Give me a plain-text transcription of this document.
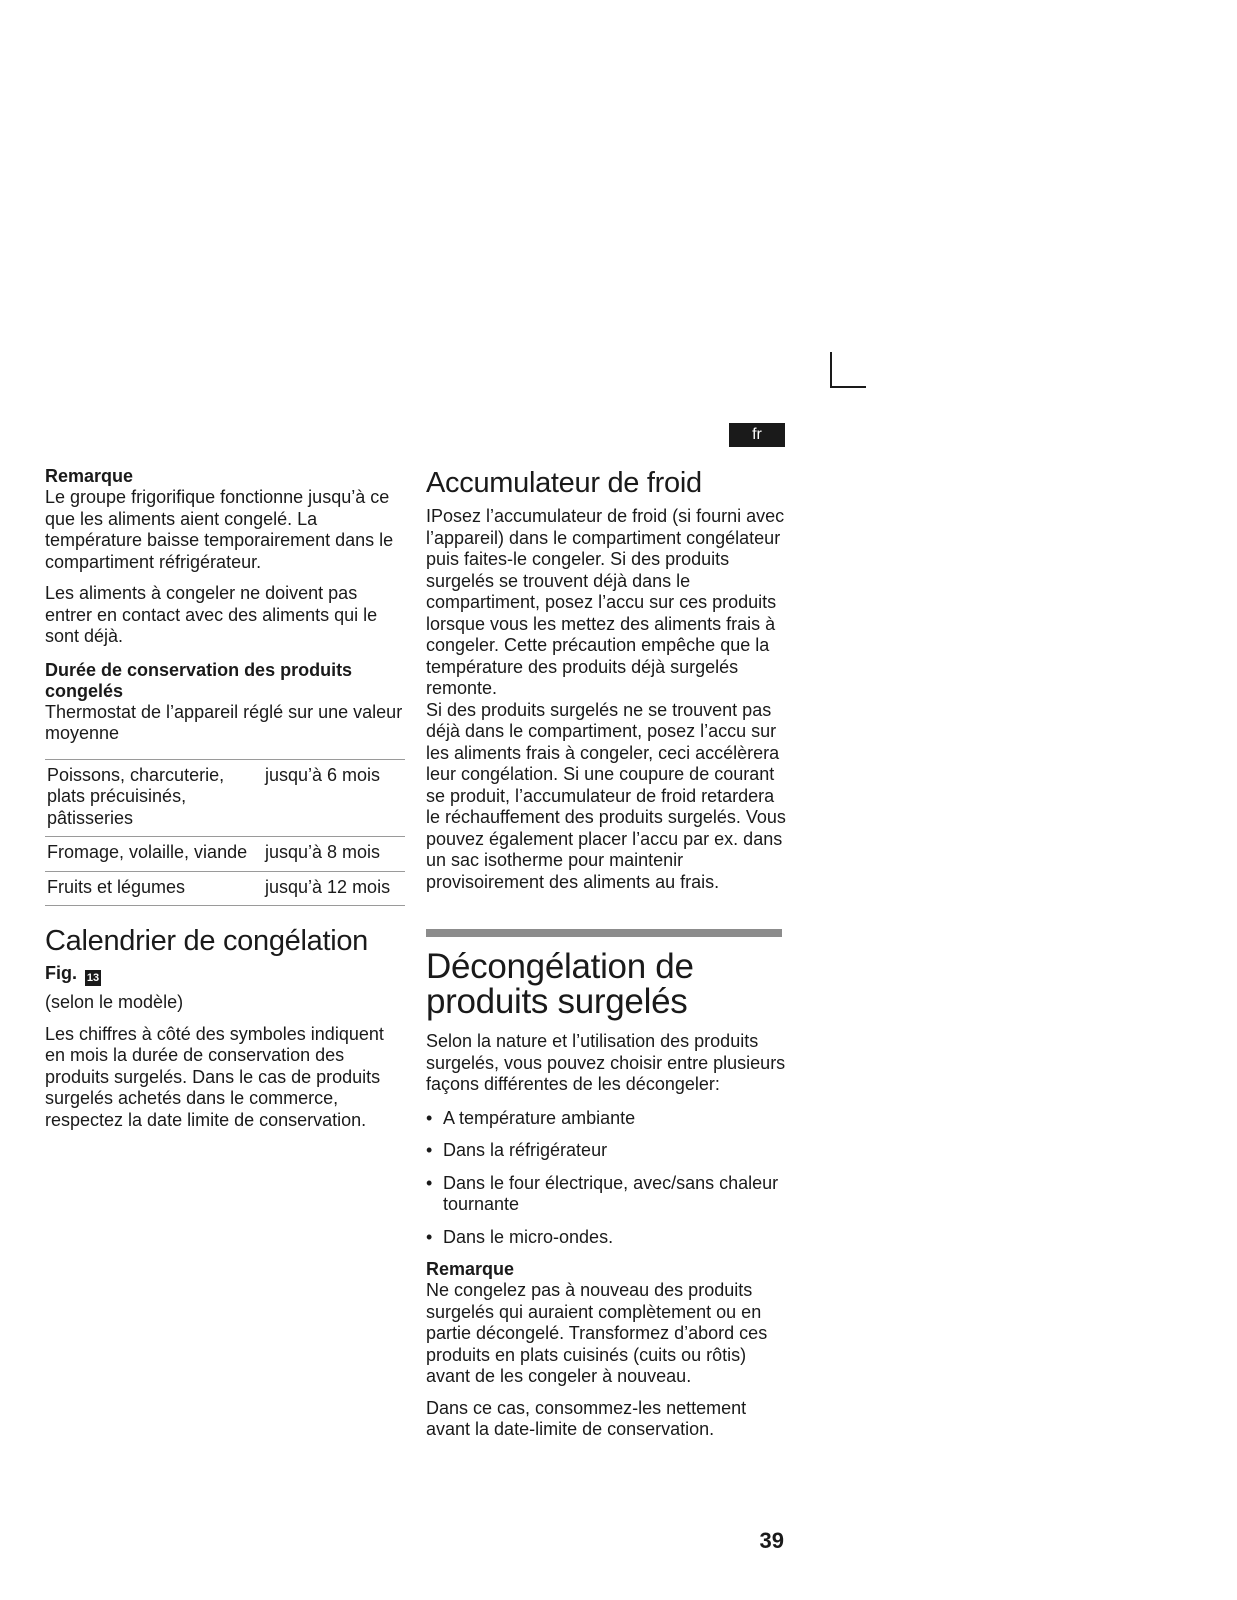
fr

Remarque

Le groupe frigorifique fonctionne jusqu’à ce que les aliments aient congelé. La température baisse temporairement dans le compartiment réfrigérateur.

Les aliments à congeler ne doivent pas entrer en contact avec des aliments qui le sont déjà.

Durée de conservation des produits congelés

Thermostat de l’appareil réglé sur une valeur moyenne

Poissons, charcuterie, plats précuisinés, pâtisseries	jusqu’à 6 mois
Fromage, volaille, viande	jusqu’à 8 mois
Fruits et légumes	jusqu’à 12 mois
Calendrier de congélation
Fig. 13

(selon le modèle)

Les chiffres à côté des symboles indiquent en mois la durée de conservation des produits surgelés. Dans le cas de produits surgelés achetés dans le commerce, respectez la date limite de conservation.

Accumulateur de froid

IPosez l’accumulateur de froid (si fourni avec l’appareil) dans le compartiment congélateur puis faites-le congeler. Si des produits surgelés se trouvent déjà dans le compartiment, posez l’accu sur ces produits lorsque vous les mettez des aliments frais à congeler. Cette précaution empêche que la température des produits déjà surgelés remonte.

Si des produits surgelés ne se trouvent pas déjà dans le compartiment, posez l’accu sur les aliments frais à congeler, ceci accélèrera leur congélation. Si une coupure de courant se produit, l’accumulateur de froid retardera le réchauffement des produits surgelés. Vous pouvez également placer l’accu par ex. dans un sac isotherme pour maintenir provisoirement des aliments au frais.

Décongélation de produits surgelés

Selon la nature et l’utilisation des produits surgelés, vous pouvez choisir entre plusieurs façons différentes de les décongeler:

• A température ambiante
• Dans la réfrigérateur
• Dans le four électrique, avec/sans chaleur tournante
• Dans le micro-ondes.

Remarque

Ne congelez pas à nouveau des produits surgelés qui auraient complètement ou en partie décongelé. Transformez d’abord ces produits en plats cuisinés (cuits ou rôtis) avant de les congeler à nouveau.

Dans ce cas, consommez-les nettement avant la date-limite de conservation.

39
